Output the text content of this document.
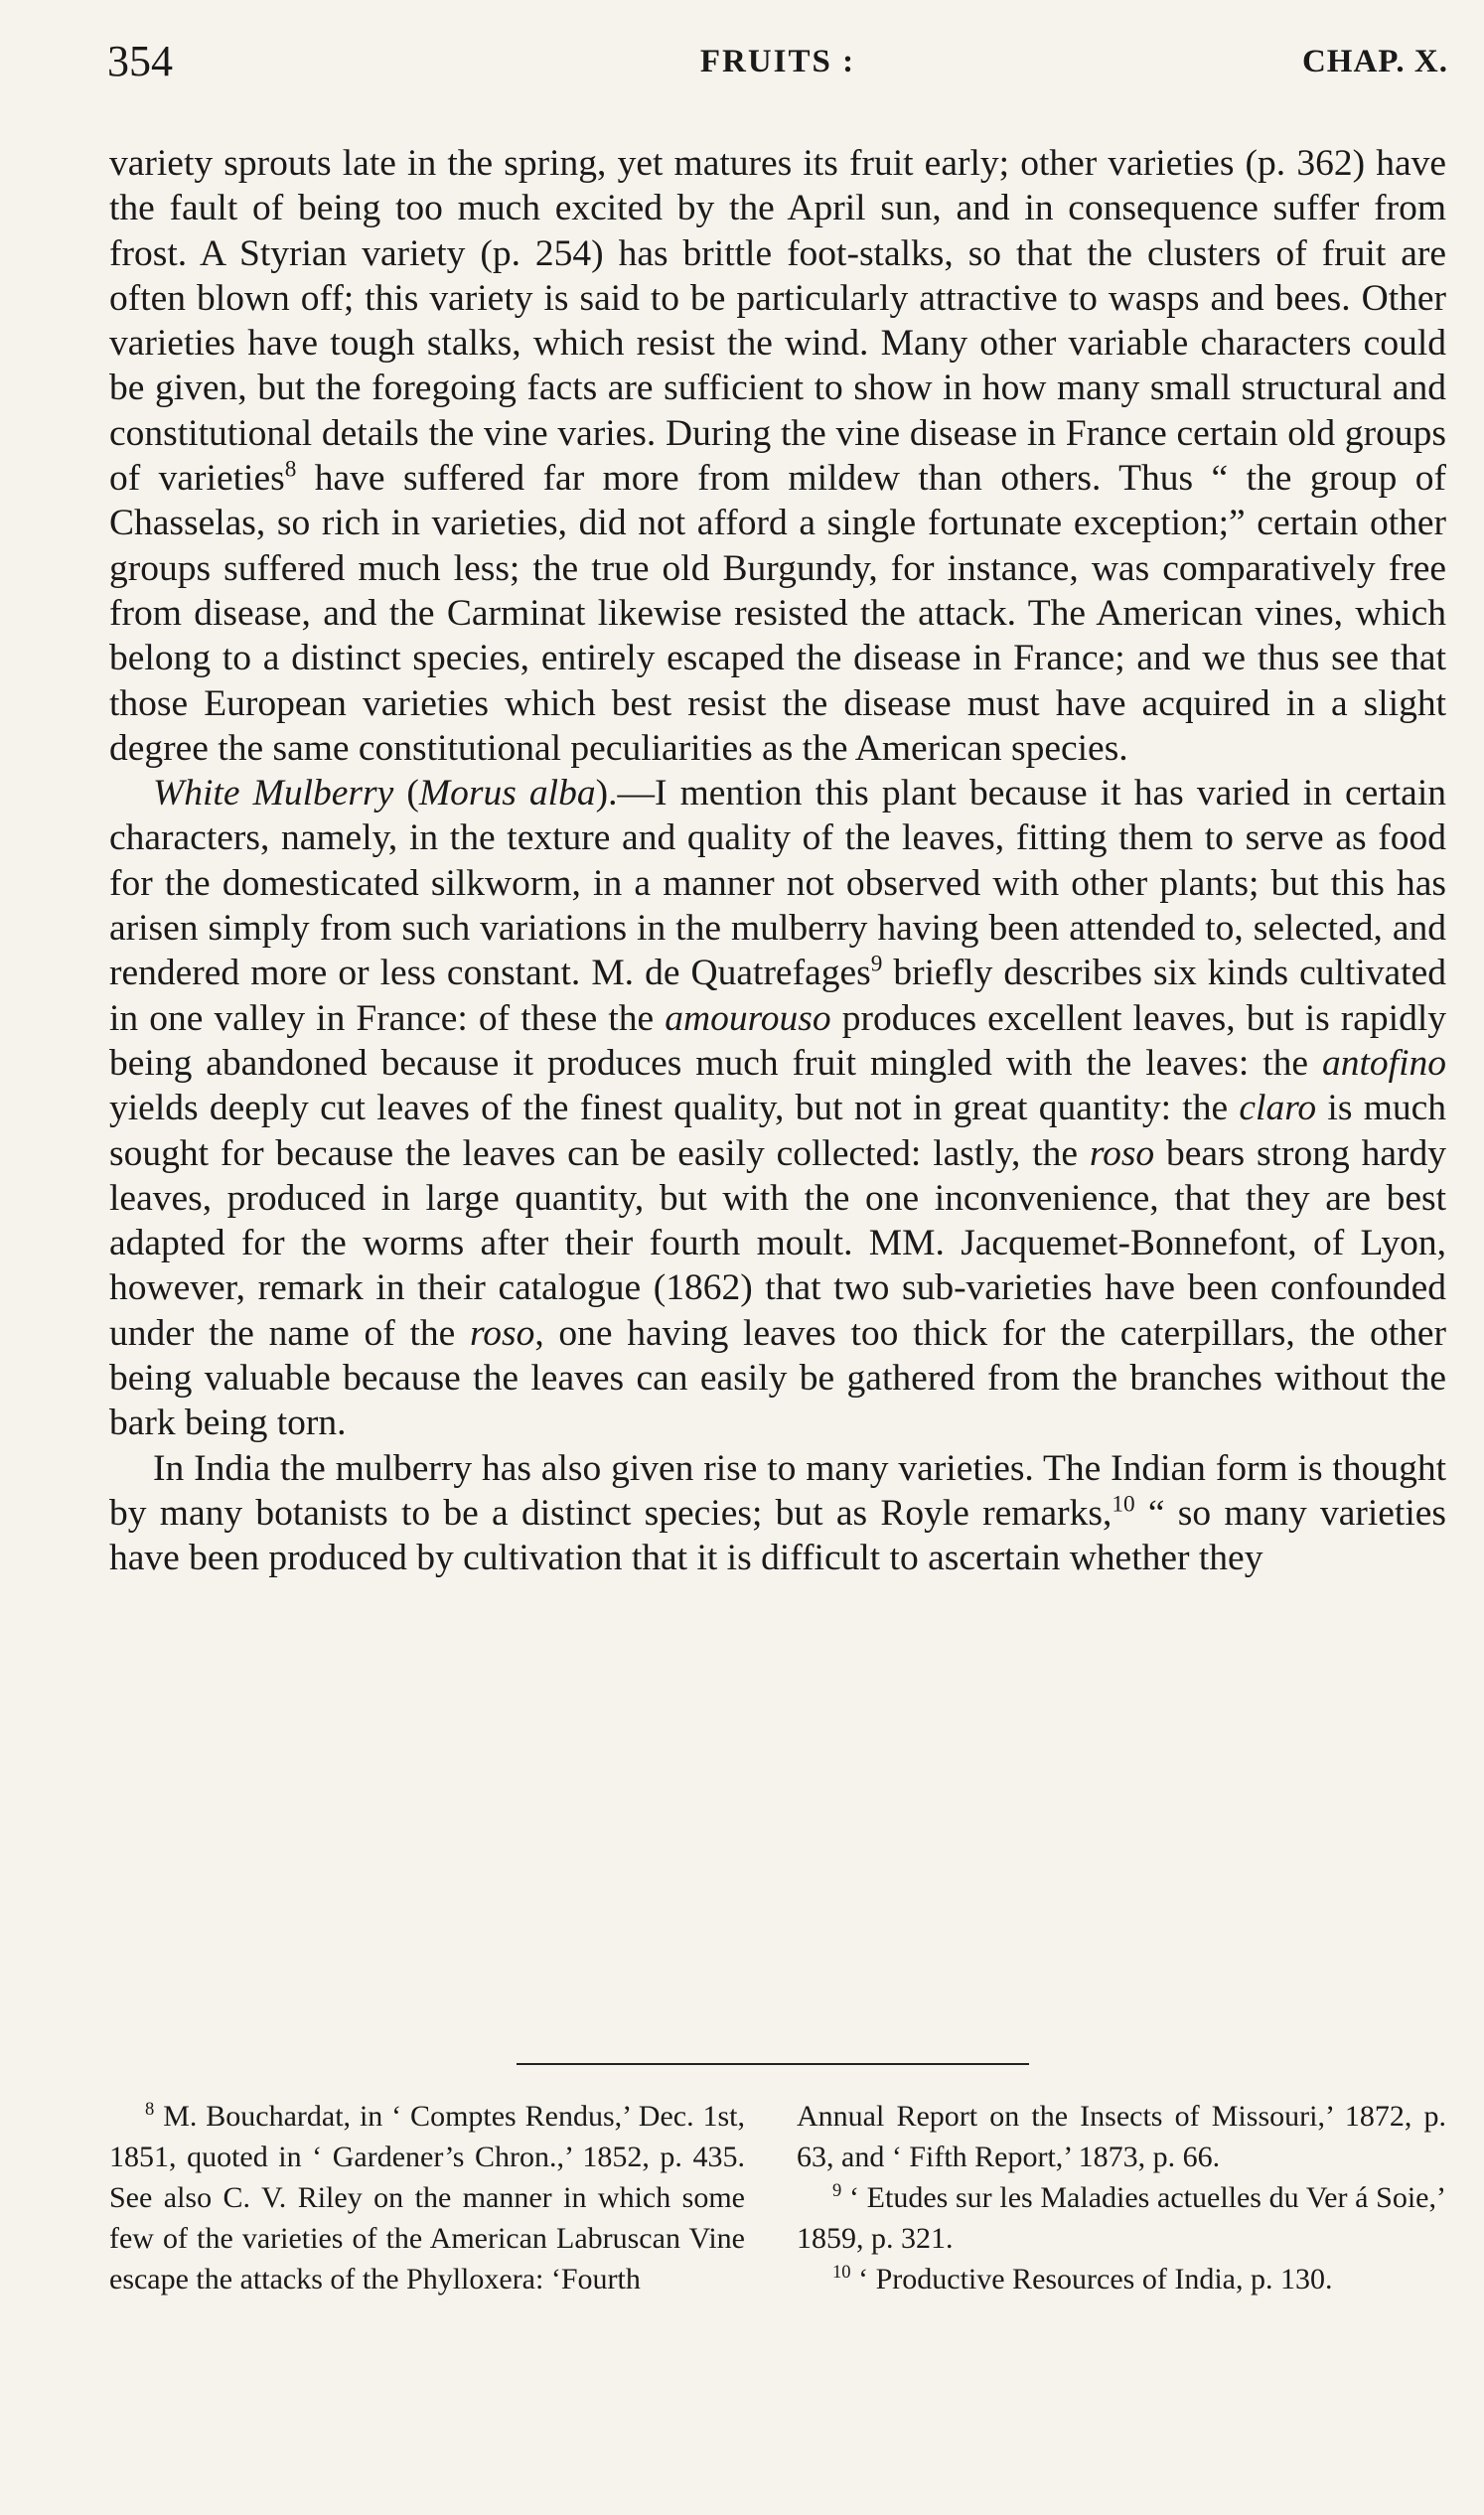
354	FRUITS :	CHAP. X.

variety sprouts late in the spring, yet matures its fruit early; other varieties (p. 362) have the fault of being too much excited by the April sun, and in consequence suffer from frost. A Styrian variety (p. 254) has brittle foot-stalks, so that the clusters of fruit are often blown off; this variety is said to be particularly attractive to wasps and bees. Other varieties have tough stalks, which resist the wind. Many other variable characters could be given, but the foregoing facts are sufficient to show in how many small structural and constitutional details the vine varies. During the vine disease in France certain old groups of varieties$^8$ have suffered far more from mildew than others. Thus “ the group of Chasselas, so rich in varieties, did not afford a single fortunate exception;” certain other groups suffered much less; the true old Burgundy, for instance, was comparatively free from disease, and the Carminat likewise resisted the attack. The American vines, which belong to a distinct species, entirely escaped the disease in France; and we thus see that those European varieties which best resist the disease must have acquired in a slight degree the same constitutional peculiarities as the American species.

White Mulberry (Morus alba).—I mention this plant because it has varied in certain characters, namely, in the texture and quality of the leaves, fitting them to serve as food for the domesticated silkworm, in a manner not observed with other plants; but this has arisen simply from such variations in the mulberry having been attended to, selected, and rendered more or less constant. M. de Quatrefages$^9$ briefly describes six kinds cultivated in one valley in France: of these the amourouso produces excellent leaves, but is rapidly being abandoned because it produces much fruit mingled with the leaves: the antofino yields deeply cut leaves of the finest quality, but not in great quantity: the claro is much sought for because the leaves can be easily collected: lastly, the roso bears strong hardy leaves, produced in large quantity, but with the one inconvenience, that they are best adapted for the worms after their fourth moult. MM. Jacquemet-Bonnefont, of Lyon, however, remark in their catalogue (1862) that two sub-varieties have been confounded under the name of the roso, one having leaves too thick for the caterpillars, the other being valuable because the leaves can easily be gathered from the branches without the bark being torn.

In India the mulberry has also given rise to many varieties. The Indian form is thought by many botanists to be a distinct species; but as Royle remarks,$^{10}$ “ so many varieties have been produced by cultivation that it is difficult to ascertain whether they

$^8$ M. Bouchardat, in ‘ Comptes Rendus,’ Dec. 1st, 1851, quoted in ‘ Gardener’s Chron.,’ 1852, p. 435. See also C. V. Riley on the manner in which some few of the varieties of the American Labruscan Vine escape the attacks of the Phylloxera: ‘Fourth

Annual Report on the Insects of Missouri,’ 1872, p. 63, and ‘ Fifth Report,’ 1873, p. 66.

$^9$ ‘ Etudes sur les Maladies actuelles du Ver á Soie,’ 1859, p. 321.

$^{10}$ ‘ Productive Resources of India, p. 130.
